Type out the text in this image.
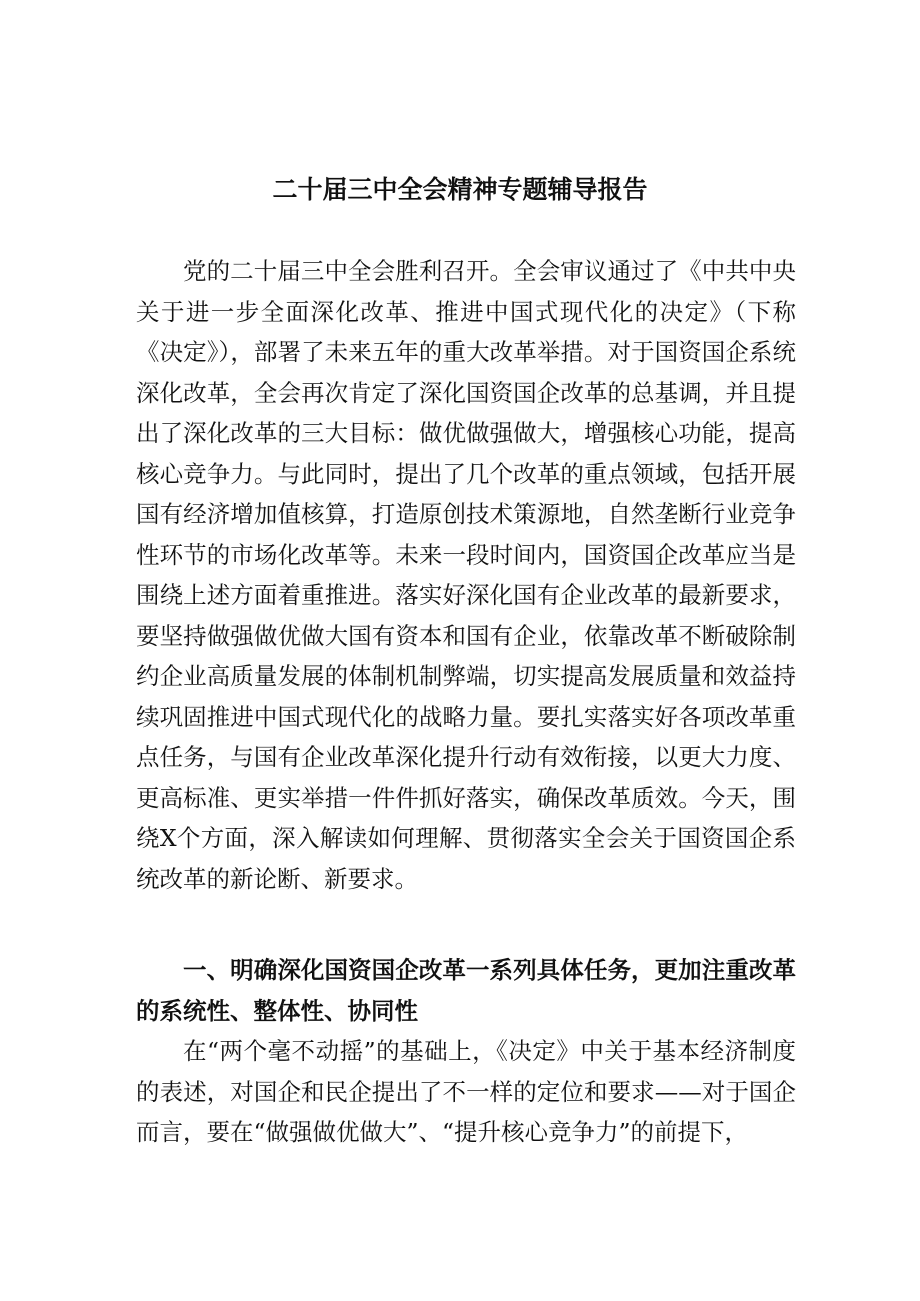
二十届三中全会精神专题辅导报告

党的二十届三中全会胜利召开。全会审议通过了《中共中央关于进一步全面深化改革、推进中国式现代化的决定》（下称《决定》），部署了未来五年的重大改革举措。对于国资国企系统深化改革，全会再次肯定了深化国资国企改革的总基调，并且提出了深化改革的三大目标：做优做强做大，增强核心功能，提高核心竞争力。与此同时，提出了几个改革的重点领域，包括开展国有经济增加值核算，打造原创技术策源地，自然垄断行业竞争性环节的市场化改革等。未来一段时间内，国资国企改革应当是围绕上述方面着重推进。落实好深化国有企业改革的最新要求，要坚持做强做优做大国有资本和国有企业，依靠改革不断破除制约企业高质量发展的体制机制弊端，切实提高发展质量和效益持续巩固推进中国式现代化的战略力量。要扎实落实好各项改革重点任务，与国有企业改革深化提升行动有效衔接，以更大力度、更高标准、更实举措一件件抓好落实，确保改革质效。今天，围绕X个方面，深入解读如何理解、贯彻落实全会关于国资国企系统改革的新论断、新要求。

一、明确深化国资国企改革一系列具体任务，更加注重改革的系统性、整体性、协同性

在“两个毫不动摇”的基础上，《决定》中关于基本经济制度的表述，对国企和民企提出了不一样的定位和要求——对于国企而言，要在“做强做优做大”、“提升核心竞争力”的前提下，
